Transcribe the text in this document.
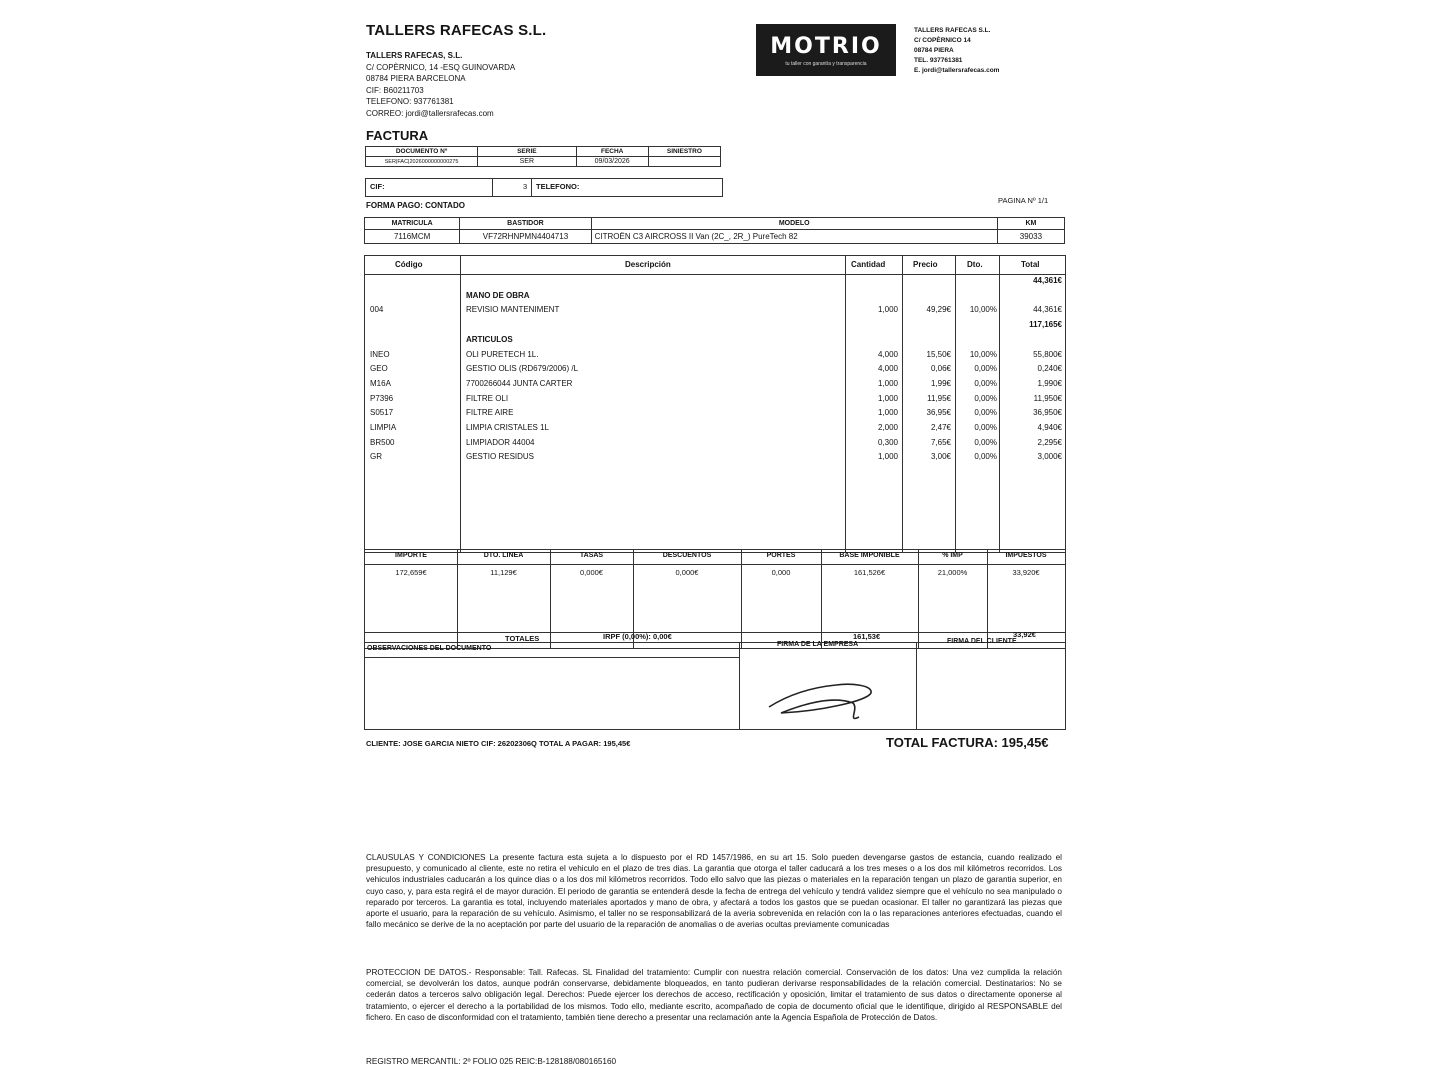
TALLERS RAFECAS S.L.
TALLERS RAFECAS, S.L.
C/ COPÈRNICO, 14 -ESQ GUINOVARDA
08784 PIERA BARCELONA
CIF: B60211703
TELEFONO: 937761381
CORREO: jordi@tallersrafecas.com
MOTRIO
tu taller con garantía y transparencia
TALLERS RAFECAS S.L.
C/ COPÈRNICO 14
08784 PIERA
TEL. 937761381
E. jordi@tallersrafecas.com
FACTURA
DOCUMENTO Nº	SERIE	FECHA	SINIESTRO
SER|FAC|2026000000000275	SER	09/03/2026	
CIF:	3 TELEFONO:
FORMA PAGO: CONTADO
PAGINA Nº 1/1
MATRICULA	BASTIDOR	MODELO	KM
7116MCM	VF72RHNPMN4404713	CITROËN C3 AIRCROSS II Van (2C_, 2R_) PureTech 82	39033
Código	Descripción	Cantidad	Precio	Dto.	Total
44,361€
MANO DE OBRA
004	REVISIO MANTENIMENT	1,000	49,29€	10,00%	44,361€
117,165€
ARTICULOS
INEO	OLI PURETECH 1L.	4,000	15,50€	10,00%	55,800€
GEO	GESTIO OLIS (RD679/2006) /L	4,000	0,06€	0,00%	0,240€
M16A	7700266044 JUNTA CARTER	1,000	1,99€	0,00%	1,990€
P7396	FILTRE OLI	1,000	11,95€	0,00%	11,950€
S0517	FILTRE AIRE	1,000	36,95€	0,00%	36,950€
LIMPIA	LIMPIA CRISTALES 1L	2,000	2,47€	0,00%	4,940€
BR500	LIMPIADOR 44004	0,300	7,65€	0,00%	2,295€
GR	GESTIO RESIDUS	1,000	3,00€	0,00%	3,000€
IMPORTE	DTO. LINEA	TASAS	DESCUENTOS	PORTES	BASE IMPONIBLE	% IMP	IMPUESTOS
172,659€	11,129€	0,000€	0,000€	0,000	161,526€	21,000%	33,920€
TOTALES	IRPF (0,00%): 0,00€	161,53€	33,92€
OBSERVACIONES DEL DOCUMENTO
FIRMA DE LA EMPRESA	FIRMA DEL CLIENTE
CLIENTE: JOSE GARCIA NIETO CIF: 26202306Q TOTAL A PAGAR: 195,45€	TOTAL FACTURA: 195,45€
CLAUSULAS Y CONDICIONES La presente factura esta sujeta a lo dispuesto por el RD 1457/1986, en su art 15. Solo pueden devengarse gastos de estancia, cuando realizado el presupuesto, y comunicado al cliente, este no retira el vehiculo en el plazo de tres dias. La garantia que otorga el taller caducará a los tres meses o a los dos mil kilómetros recorridos. Los vehiculos industriales caducarán a los quince dias o a los dos mil kilómetros recorridos. Todo ello salvo que las piezas o materiales en la reparación tengan un plazo de garantia superior, en cuyo caso, y, para esta regirá el de mayor duración. El periodo de garantia se entenderá desde la fecha de entrega del vehículo y tendrá validez siempre que el vehículo no sea manipulado o reparado por terceros. La garantia es total, incluyendo materiales aportados y mano de obra, y afectará a todos los gastos que se puedan ocasionar. El taller no garantizará las piezas que aporte el usuario, para la reparación de su vehículo. Asimismo, el taller no se responsabilizará de la averia sobrevenida en relación con la o las reparaciones anteriores efectuadas, cuando el fallo mecánico se derive de la no aceptación por parte del usuario de la reparación de anomalias o de averias ocultas previamente comunicadas
PROTECCION DE DATOS.- Responsable: Tall. Rafecas. SL Finalidad del tratamiento: Cumplir con nuestra relación comercial. Conservación de los datos: Una vez cumplida la relación comercial, se devolverán los datos, aunque podrán conservarse, debidamente bloqueados, en tanto pudieran derivarse responsabilidades de la relación comercial. Destinatarios: No se cederán datos a terceros salvo obligación legal. Derechos: Puede ejercer los derechos de acceso, rectificación y oposición, limitar el tratamiento de sus datos o directamente oponerse al tratamiento, o ejercer el derecho a la portabilidad de los mismos. Todo ello, mediante escrito, acompañado de copia de documento oficial que le identifique, dirigido al RESPONSABLE del fichero. En caso de disconformidad con el tratamiento, también tiene derecho a presentar una reclamación ante la Agencia Española de Protección de Datos.
REGISTRO MERCANTIL: 2º FOLIO 025 REIC:B-128188/080165160
